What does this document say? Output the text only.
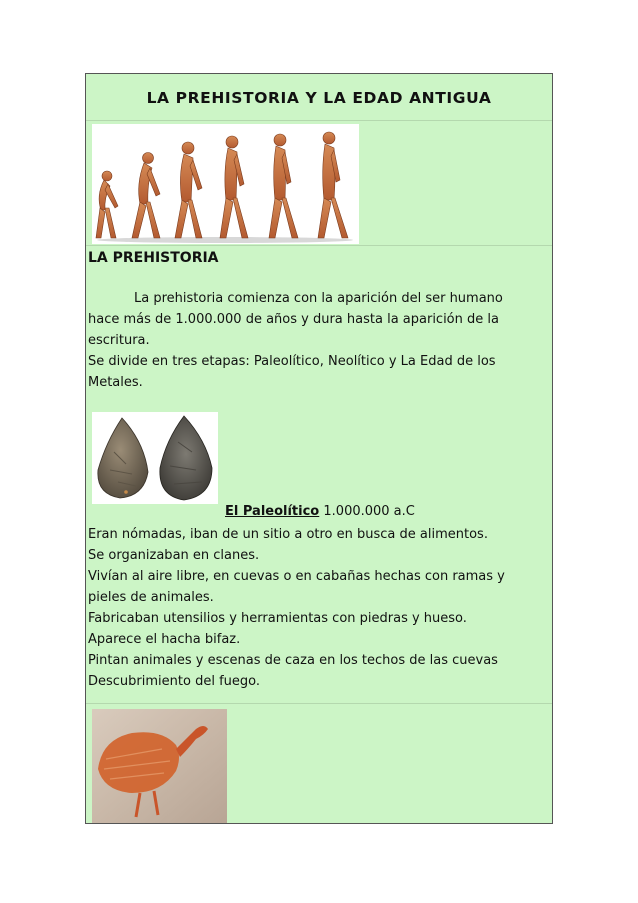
LA PREHISTORIA Y LA EDAD ANTIGUA
LA PREHISTORIA

La prehistoria comienza con la aparición del ser humano
hace más de 1.000.000 de años y dura hasta la aparición de la
escritura.
Se divide en tres etapas: Paleolítico, Neolítico y La Edad de los
Metales.

El Paleolítico 1.000.000 a.C

Eran nómadas, iban de un sitio a otro en busca de alimentos.
Se organizaban en clanes.
Vivían al aire libre, en cuevas o en cabañas hechas con ramas y
pieles de animales.
Fabricaban utensilios y herramientas con piedras y hueso.
Aparece el hacha bifaz.
Pintan animales y escenas de caza en los techos de las cuevas
Descubrimiento del fuego.
